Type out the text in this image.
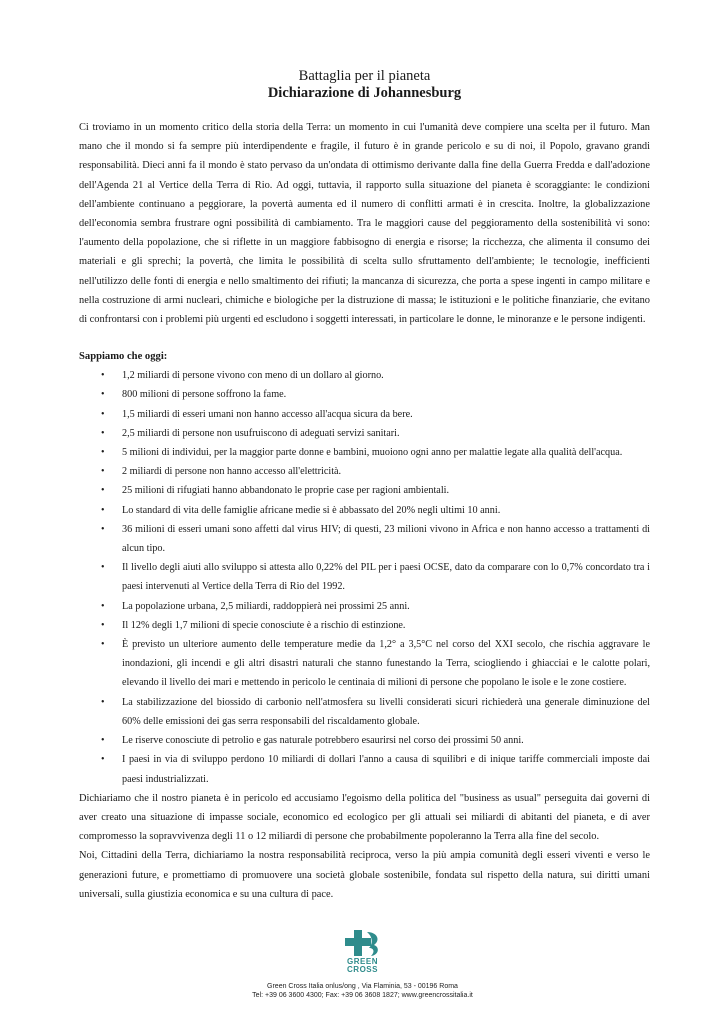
Battaglia per il pianeta

Dichiarazione di Johannesburg

Ci troviamo in un momento critico della storia della Terra: un momento in cui l'umanità deve compiere una scelta per il futuro. Man mano che il mondo si fa sempre più interdipendente e fragile, il futuro è in grande pericolo e su di noi, il Popolo, gravano grandi responsabilità. Dieci anni fa il mondo è stato pervaso da un'ondata di ottimismo derivante dalla fine della Guerra Fredda e dall'adozione dell'Agenda 21 al Vertice della Terra di Rio. Ad oggi, tuttavia, il rapporto sulla situazione del pianeta è scoraggiante: le condizioni dell'ambiente continuano a peggiorare, la povertà aumenta ed il numero di conflitti armati è in crescita. Inoltre, la globalizzazione dell'economia sembra frustrare ogni possibilità di cambiamento. Tra le maggiori cause del peggioramento della sostenibilità vi sono: l'aumento della popolazione, che si riflette in un maggiore fabbisogno di energia e risorse; la ricchezza, che alimenta il consumo dei materiali e gli sprechi; la povertà, che limita le possibilità di scelta sullo sfruttamento dell'ambiente; le tecnologie, inefficienti nell'utilizzo delle fonti di energia e nello smaltimento dei rifiuti; la mancanza di sicurezza, che porta a spese ingenti in campo militare e nella costruzione di armi nucleari, chimiche e biologiche per la distruzione di massa; le istituzioni e le politiche finanziarie, che evitano di confrontarsi con i problemi più urgenti ed escludono i soggetti interessati, in particolare le donne, le minoranze e le persone indigenti.

Sappiamo che oggi:

• 1,2 miliardi di persone vivono con meno di un dollaro al giorno.
• 800 milioni di persone soffrono la fame.
• 1,5 miliardi di esseri umani non hanno accesso all'acqua sicura da bere.
• 2,5 miliardi di persone non usufruiscono di adeguati servizi sanitari.
• 5 milioni di individui, per la maggior parte donne e bambini, muoiono ogni anno per malattie legate alla qualità dell'acqua.
• 2 miliardi di persone non hanno accesso all'elettricità.
• 25 milioni di rifugiati hanno abbandonato le proprie case per ragioni ambientali.
• Lo standard di vita delle famiglie africane medie si è abbassato del 20% negli ultimi 10 anni.
• 36 milioni di esseri umani sono affetti dal virus HIV; di questi, 23 milioni vivono in Africa e non hanno accesso a trattamenti di alcun tipo.
• Il livello degli aiuti allo sviluppo si attesta allo 0,22% del PIL per i paesi OCSE, dato da comparare con lo 0,7% concordato tra i paesi intervenuti al Vertice della Terra di Rio del 1992.
• La popolazione urbana, 2,5 miliardi, raddoppierà nei prossimi 25 anni.
• Il 12% degli 1,7 milioni di specie conosciute è a rischio di estinzione.
• È previsto un ulteriore aumento delle temperature medie da 1,2° a 3,5°C nel corso del XXI secolo, che rischia aggravare le inondazioni, gli incendi e gli altri disastri naturali che stanno funestando la Terra, sciogliendo i ghiacciai e le calotte polari, elevando il livello dei mari e mettendo in pericolo le centinaia di milioni di persone che popolano le isole e le zone costiere.
• La stabilizzazione del biossido di carbonio nell'atmosfera su livelli considerati sicuri richiederà una generale diminuzione del 60% delle emissioni dei gas serra responsabili del riscaldamento globale.
• Le riserve conosciute di petrolio e gas naturale potrebbero esaurirsi nel corso dei prossimi 50 anni.
• I paesi in via di sviluppo perdono 10 miliardi di dollari l'anno a causa di squilibri e di inique tariffe commerciali imposte dai paesi industrializzati.

Dichiariamo che il nostro pianeta è in pericolo ed accusiamo l'egoismo della politica del "business as usual" perseguita dai governi di aver creato una situazione di impasse sociale, economico ed ecologico per gli attuali sei miliardi di abitanti del pianeta, e di aver compromesso la sopravvivenza degli 11 o 12 miliardi di persone che probabilmente popoleranno la Terra alla fine del secolo.

Noi, Cittadini della Terra, dichiariamo la nostra responsabilità reciproca, verso la più ampia comunità degli esseri viventi e verso le generazioni future, e promettiamo di promuovere una società globale sostenibile, fondata sul rispetto della natura, sui diritti umani universali, sulla giustizia economica e su una cultura di pace.

GREEN
CROSS
Green Cross Italia onlus/ong , Via Flaminia, 53 - 00196 Roma
Tel: +39 06 3600 4300; Fax: +39 06 3608 1827; www.greencrossitalia.it
